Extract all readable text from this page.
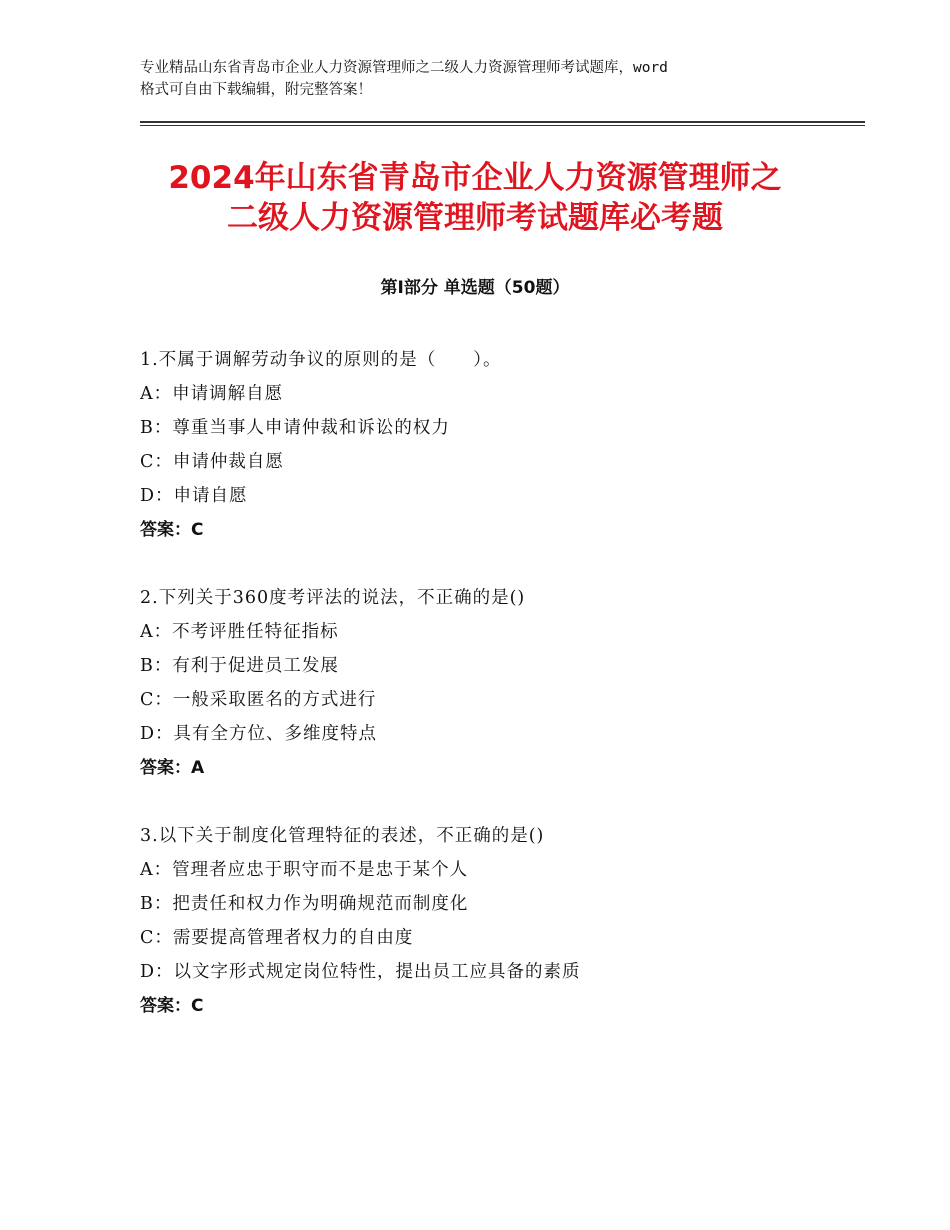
专业精品山东省青岛市企业人力资源管理师之二级人力资源管理师考试题库，word
格式可自由下载编辑，附完整答案！
2024年山东省青岛市企业人力资源管理师之
二级人力资源管理师考试题库必考题
第Ⅰ部分 单选题（50题）
1.不属于调解劳动争议的原则的是（　　）。
A：申请调解自愿
B：尊重当事人申请仲裁和诉讼的权力
C：申请仲裁自愿
D：申请自愿
答案：C
2.下列关于360度考评法的说法，不正确的是()
A：不考评胜任特征指标
B：有利于促进员工发展
C：一般采取匿名的方式进行
D：具有全方位、多维度特点
答案：A
3.以下关于制度化管理特征的表述，不正确的是()
A：管理者应忠于职守而不是忠于某个人
B：把责任和权力作为明确规范而制度化
C：需要提高管理者权力的自由度
D：以文字形式规定岗位特性，提出员工应具备的素质
答案：C
